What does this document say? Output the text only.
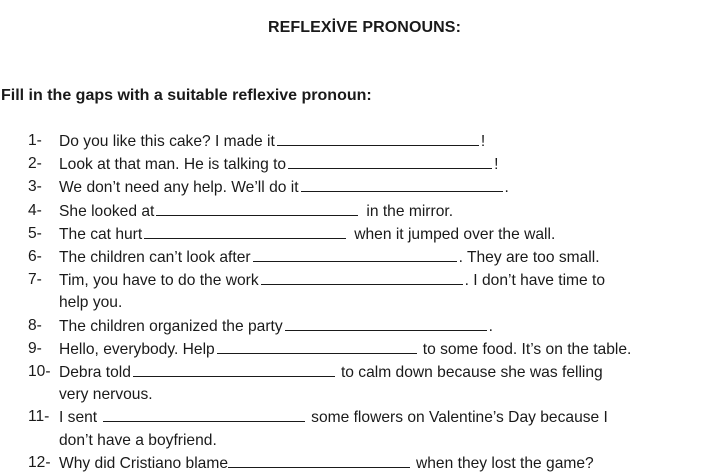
REFLEXİVE PRONOUNS:
Fill in the gaps with a suitable reflexive pronoun:
1-	Do you like this cake? I made it	!
2-	Look at that man. He is talking to	!
3-	We don’t need any help. We’ll do it	.
4-	She looked at	in the mirror.
5-	The cat hurt	when it jumped over the wall.
6-	The children can’t look after	. They are too small.
7-	Tim, you have to do the work	. I don’t have time to
help you.
8-	The children organized the party	.
9-	Hello, everybody. Help	to some food. It’s on the table.
10- Debra told	to calm down because she was felling
very nervous.
11- I sent	some flowers on Valentine’s Day because I
don’t have a boyfriend.
12- Why did Cristiano blame	when they lost the game?
